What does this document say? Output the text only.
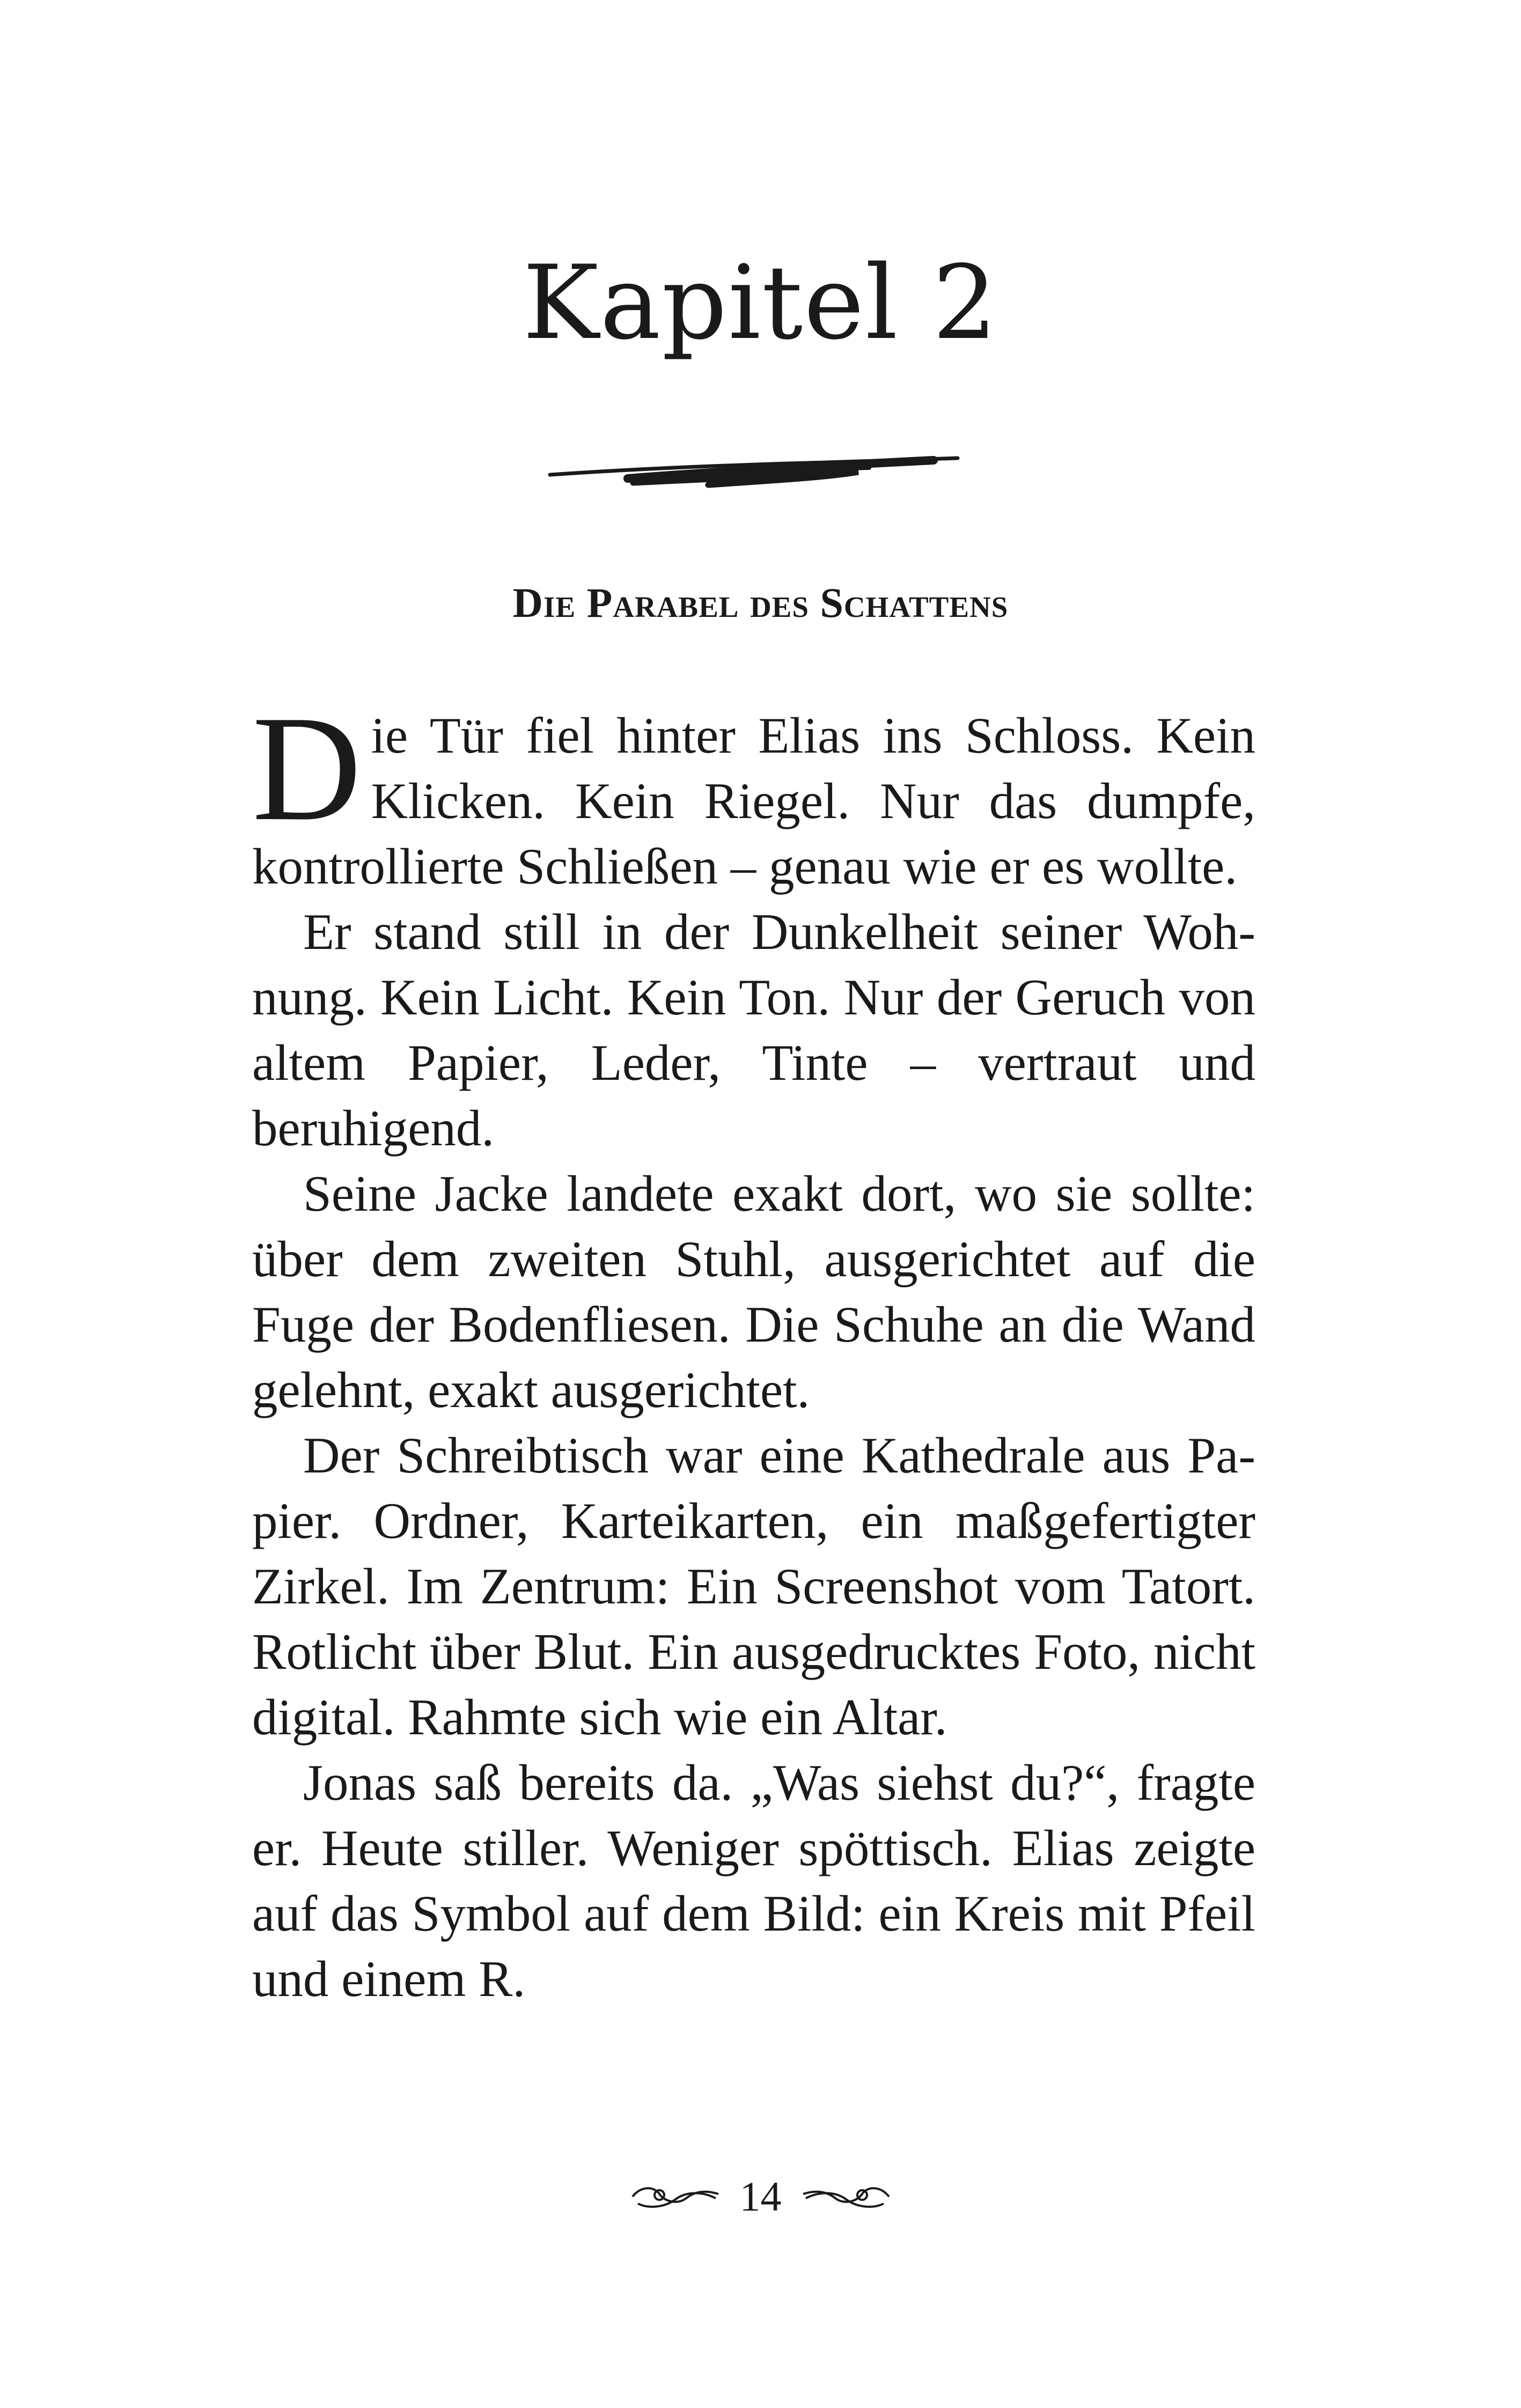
Kapitel 2
Die Parabel des Schattens

Die Tür fiel hinter Elias ins Schloss. Kein Klicken. Kein Riegel. Nur das dumpfe, kontrollierte Schließen – genau wie er es wollte.

Er stand still in der Dunkelheit seiner Wohnung. Kein Licht. Kein Ton. Nur der Geruch von altem Papier, Leder, Tinte – vertraut und beruhigend.

Seine Jacke landete exakt dort, wo sie sollte: über dem zweiten Stuhl, ausgerichtet auf die Fuge der Bodenfliesen. Die Schuhe an die Wand gelehnt, exakt ausgerichtet.

Der Schreibtisch war eine Kathedrale aus Papier. Ordner, Karteikarten, ein maßgefertigter Zirkel. Im Zentrum: Ein Screenshot vom Tatort. Rotlicht über Blut. Ein ausgedrucktes Foto, nicht digital. Rahmte sich wie ein Altar.

Jonas saß bereits da. „Was siehst du?“, fragte er. Heute stiller. Weniger spöttisch. Elias zeigte auf das Symbol auf dem Bild: ein Kreis mit Pfeil und einem R.

14
